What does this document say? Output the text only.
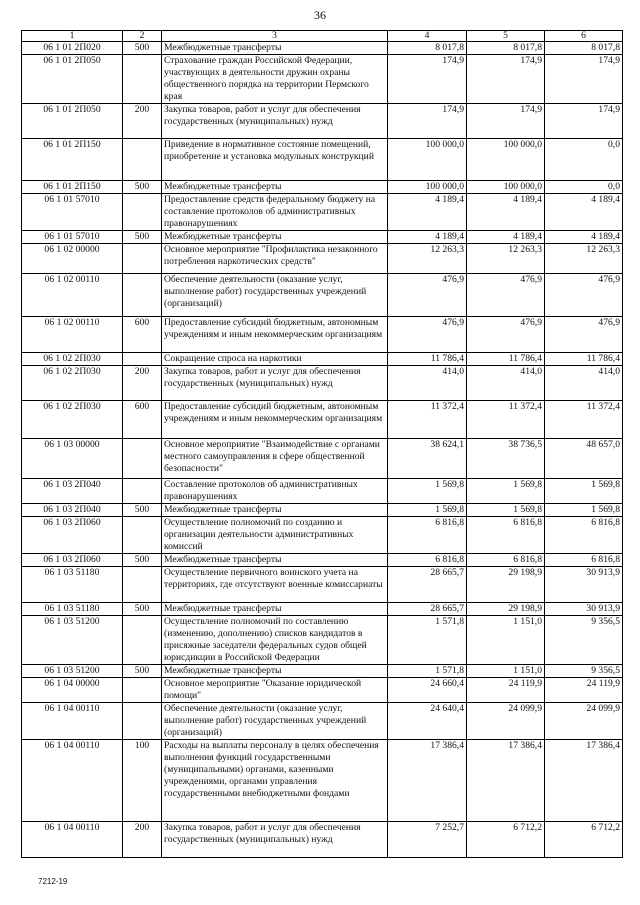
36
1	2	3	4	5	6
06 1 01 2П020	500	Межбюджетные трансферты	8 017,8	8 017,8	8 017,8
06 1 01 2П050		Страхование граждан Российской Федерации, участвующих в деятельности дружин охраны общественного порядка на территории Пермского края	174,9	174,9	174,9
06 1 01 2П050	200	Закупка товаров, работ и услуг для обеспечения государственных (муниципальных) нужд	174,9	174,9	174,9
06 1 01 2П150		Приведение в нормативное состояние помещений, приобретение и установка модульных конструкций	100 000,0	100 000,0	0,0
06 1 01 2П150	500	Межбюджетные трансферты	100 000,0	100 000,0	0,0
06 1 01 57010		Предоставление средств федеральному бюджету на составление протоколов об административных правонарушениях	4 189,4	4 189,4	4 189,4
06 1 01 57010	500	Межбюджетные трансферты	4 189,4	4 189,4	4 189,4
06 1 02 00000		Основное мероприятие "Профилактика незаконного потребления наркотических средств"	12 263,3	12 263,3	12 263,3
06 1 02 00110		Обеспечение деятельности (оказание услуг, выполнение работ) государственных учреждений (организаций)	476,9	476,9	476,9
06 1 02 00110	600	Предоставление субсидий бюджетным, автономным учреждениям и иным некоммерческим организациям	476,9	476,9	476,9
06 1 02 2П030		Сокращение спроса на наркотики	11 786,4	11 786,4	11 786,4
06 1 02 2П030	200	Закупка товаров, работ и услуг для обеспечения государственных (муниципальных) нужд	414,0	414,0	414,0
06 1 02 2П030	600	Предоставление субсидий бюджетным, автономным учреждениям и иным некоммерческим организациям	11 372,4	11 372,4	11 372,4
06 1 03 00000		Основное мероприятие "Взаимодействие с органами местного самоуправления в сфере общественной безопасности"	38 624,1	38 736,5	48 657,0
06 1 03 2П040		Составление протоколов об административных правонарушениях	1 569,8	1 569,8	1 569,8
06 1 03 2П040	500	Межбюджетные трансферты	1 569,8	1 569,8	1 569,8
06 1 03 2П060		Осуществление полномочий по созданию и организации деятельности административных комиссий	6 816,8	6 816,8	6 816,8
06 1 03 2П060	500	Межбюджетные трансферты	6 816,8	6 816,8	6 816,8
06 1 03 51180		Осуществление первичного воинского учета на территориях, где отсутствуют военные комиссариаты	28 665,7	29 198,9	30 913,9
06 1 03 51180	500	Межбюджетные трансферты	28 665,7	29 198,9	30 913,9
06 1 03 51200		Осуществление полномочий по составлению (изменению, дополнению) списков кандидатов в присяжные заседатели федеральных судов общей юрисдикции в Российской Федерации	1 571,8	1 151,0	9 356,5
06 1 03 51200	500	Межбюджетные трансферты	1 571,8	1 151,0	9 356,5
06 1 04 00000		Основное мероприятие "Оказание юридической помощи"	24 660,4	24 119,9	24 119,9
06 1 04 00110		Обеспечение деятельности (оказание услуг, выполнение работ) государственных учреждений (организаций)	24 640,4	24 099,9	24 099,9
06 1 04 00110	100	Расходы на выплаты персоналу в целях обеспечения выполнения функций государственными (муниципальными) органами, казенными учреждениями, органами управления государственными внебюджетными фондами	17 386,4	17 386,4	17 386,4
06 1 04 00110	200	Закупка товаров, работ и услуг для обеспечения государственных (муниципальных) нужд	7 252,7	6 712,2	6 712,2
7212-19
